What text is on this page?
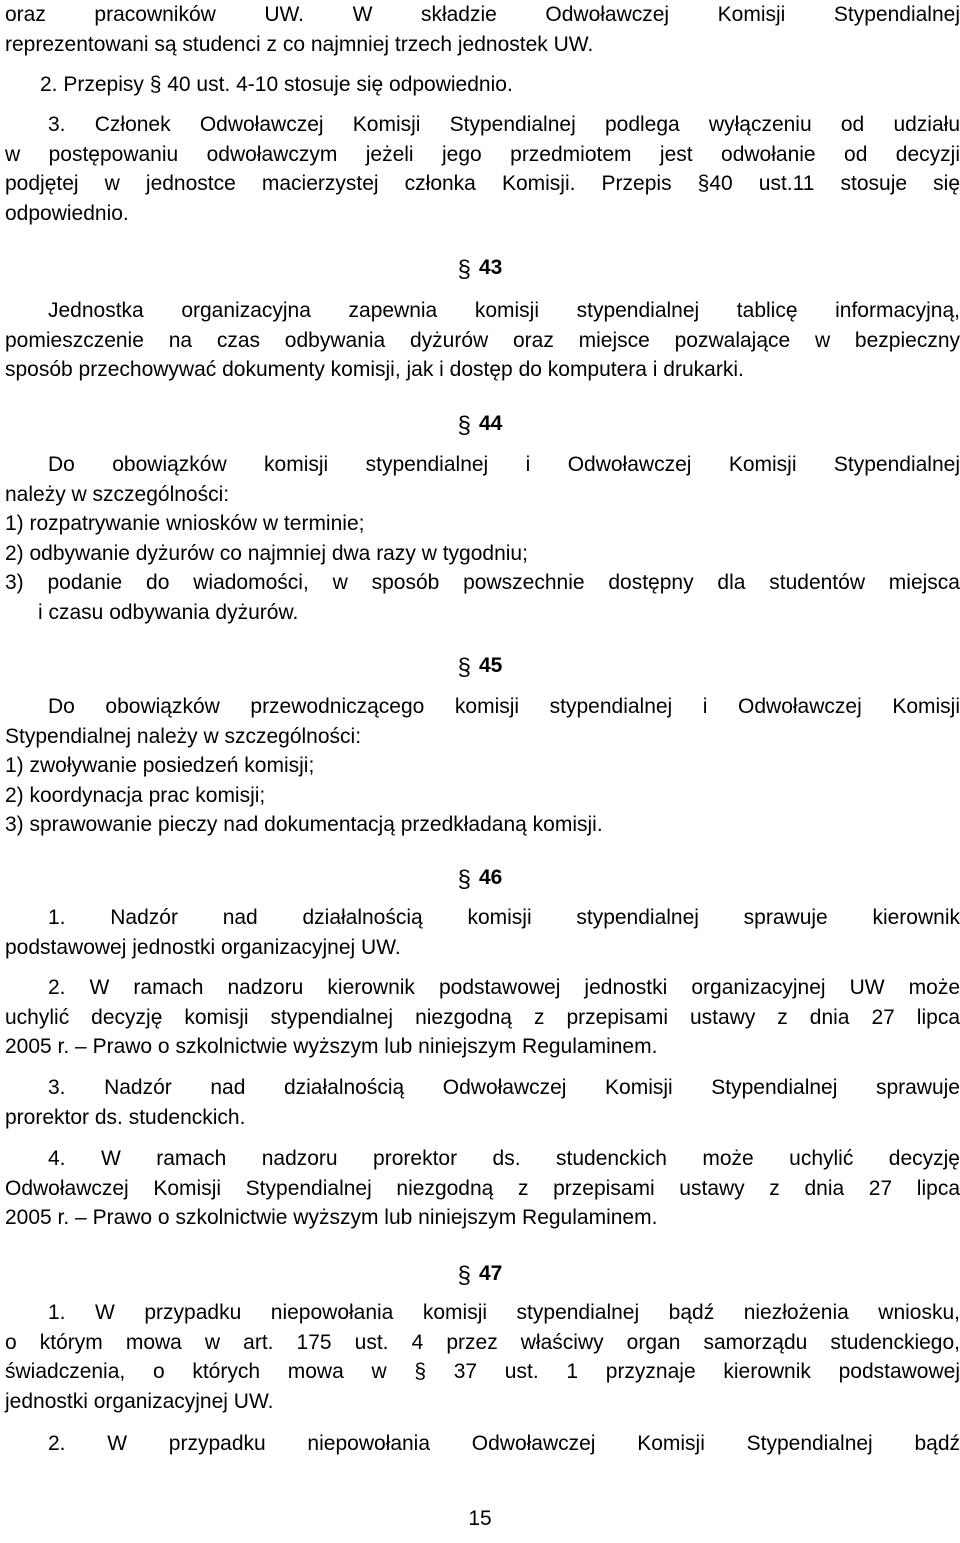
oraz pracowników UW. W składzie Odwoławczej Komisji Stypendialnej
reprezentowani są studenci z co najmniej trzech jednostek UW.
2. Przepisy § 40 ust. 4-10 stosuje się odpowiednio.
3. Członek Odwoławczej Komisji Stypendialnej podlega wyłączeniu od udziału
w postępowaniu odwoławczym jeżeli jego przedmiotem jest odwołanie od decyzji
podjętej w jednostce macierzystej członka Komisji. Przepis §40 ust.11 stosuje się
odpowiednio.
§ 43
Jednostka organizacyjna zapewnia komisji stypendialnej tablicę informacyjną,
pomieszczenie na czas odbywania dyżurów oraz miejsce pozwalające w bezpieczny
sposób przechowywać dokumenty komisji, jak i dostęp do komputera i drukarki.
§ 44
Do obowiązków komisji stypendialnej i Odwoławczej Komisji Stypendialnej
należy w szczególności:
1) rozpatrywanie wniosków w terminie;
2) odbywanie dyżurów co najmniej dwa razy w tygodniu;
3) podanie do wiadomości, w sposób powszechnie dostępny dla studentów miejsca
i czasu odbywania dyżurów.
§ 45
Do obowiązków przewodniczącego komisji stypendialnej i Odwoławczej Komisji
Stypendialnej należy w szczególności:
1) zwoływanie posiedzeń komisji;
2) koordynacja prac komisji;
3) sprawowanie pieczy nad dokumentacją przedkładaną komisji.
§ 46
1. Nadzór nad działalnością komisji stypendialnej sprawuje kierownik
podstawowej jednostki organizacyjnej UW.
2. W ramach nadzoru kierownik podstawowej jednostki organizacyjnej UW może
uchylić decyzję komisji stypendialnej niezgodną z przepisami ustawy z dnia 27 lipca
2005 r. – Prawo o szkolnictwie wyższym lub niniejszym Regulaminem.
3. Nadzór nad działalnością Odwoławczej Komisji Stypendialnej sprawuje
prorektor ds. studenckich.
4. W ramach nadzoru prorektor ds. studenckich może uchylić decyzję
Odwoławczej Komisji Stypendialnej niezgodną z przepisami ustawy z dnia 27 lipca
2005 r. – Prawo o szkolnictwie wyższym lub niniejszym Regulaminem.
§ 47
1. W przypadku niepowołania komisji stypendialnej bądź niezłożenia wniosku,
o którym mowa w art. 175 ust. 4 przez właściwy organ samorządu studenckiego,
świadczenia, o których mowa w § 37 ust. 1 przyznaje kierownik podstawowej
jednostki organizacyjnej UW.
2. W przypadku niepowołania Odwoławczej Komisji Stypendialnej bądź
15
